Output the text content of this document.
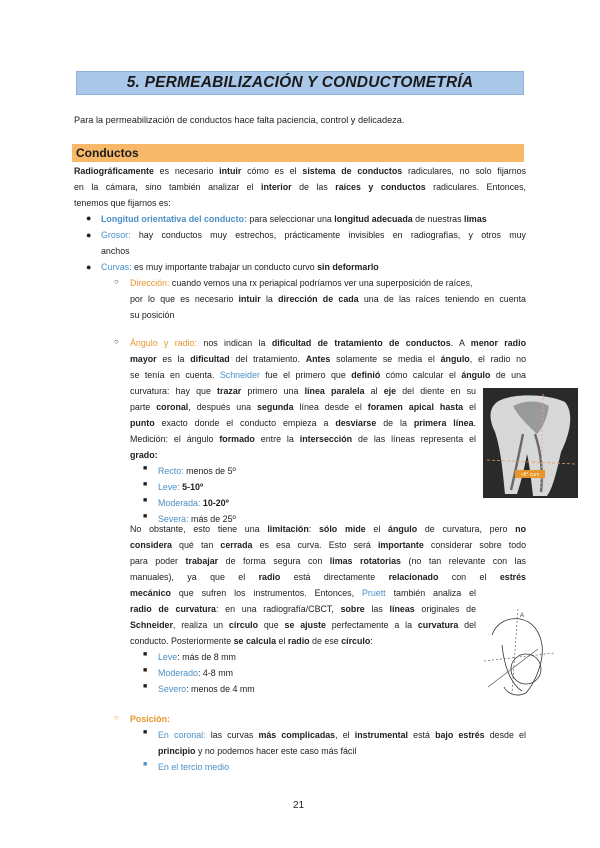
5. PERMEABILIZACIÓN Y CONDUCTOMETRÍA
Para la permeabilización de conductos hace falta paciencia, control y delicadeza.
Conductos
Radiográficamente es necesario intuir cómo es el sistema de conductos radiculares, no solo fijarnos
en la cámara, sino también analizar el interior de las raíces y conductos radiculares. Entonces,
tenemos que fijarnos es:
● Longitud orientativa del conducto: para seleccionar una longitud adecuada de nuestras limas
● Grosor: hay conductos muy estrechos, prácticamente invisibles en radiografías, y otros muy
anchos
● Curvas: es muy importante trabajar un conducto curvo sin deformarlo
○ Dirección: cuando vemos una rx periapical podríamos ver una superposición de raíces,
por lo que es necesario intuir la dirección de cada una de las raíces teniendo en cuenta
su posición
○ Ángulo y radio: nos indican la dificultad de tratamiento de conductos. A menor radio
mayor es la dificultad del tratamiento. Antes solamente se media el ángulo, el radio no
se tenía en cuenta. Schneider fue el primero que definió cómo calcular el ángulo de una
curvatura: hay que trazar primero una línea paralela al eje del diente en su
parte coronal, después una segunda línea desde el foramen apical hasta el
punto exacto donde el conducto empieza a desviarse de la primera línea.
Medición: el ángulo formado entre la intersección de las líneas representa el
grado:
■ Recto: menos de 5º
■ Leve: 5-10º
■ Moderada: 10-20º
■ Severa: más de 25º
+5° curv
No obstante, esto tiene una limitación: sólo mide el ángulo de curvatura, pero no
considera qué tan cerrada es esa curva. Esto será importante considerar sobre todo
para poder trabajar de forma segura con limas rotatorias (no tan relevante con las
manuales), ya que el radio está directamente relacionado con el estrés
mecánico que sufren los instrumentos. Entonces, Pruett también analiza el
radio de curvatura: en una radiografía/CBCT, sobre las líneas originales de
Schneider, realiza un círculo que se ajuste perfectamente a la curvatura del
conducto. Posteriormente se calcula el radio de ese círculo:
■ Leve: más de 8 mm
■ Moderado: 4-8 mm
■ Severo: menos de 4 mm
A
○ Posición:
■ En coronal: las curvas más complicadas, el instrumental está bajo estrés desde el
principio y no podemos hacer este caso más fácil
■ En el tercio medio
21
